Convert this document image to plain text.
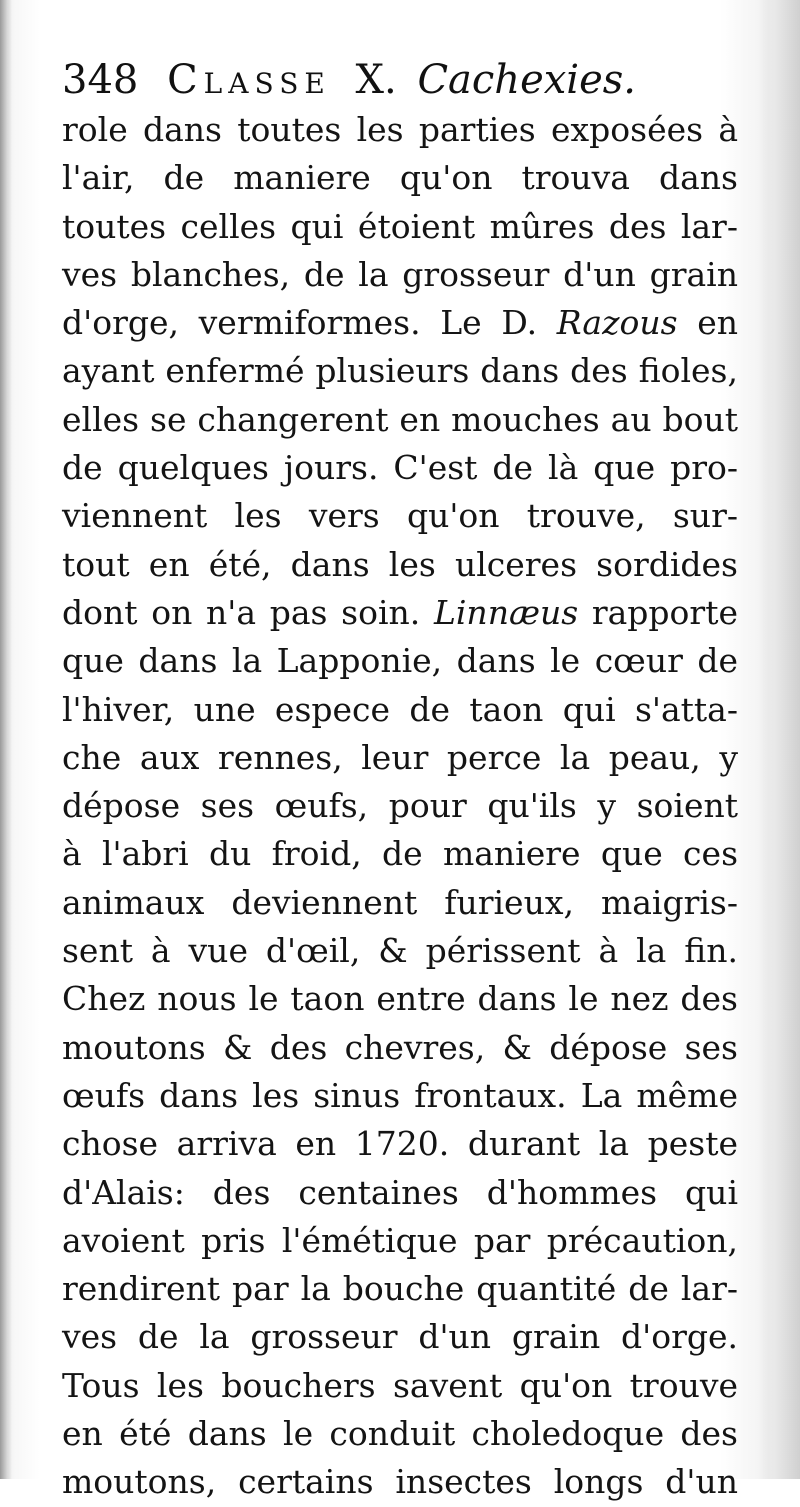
348 Classe X. Cachexies.
role dans toutes les parties exposées à
l'air, de maniere qu'on trouva dans
toutes celles qui étoient mûres des lar-
ves blanches, de la grosseur d'un grain
d'orge, vermiformes. Le D. Razous en
ayant enfermé plusieurs dans des fioles,
elles se changerent en mouches au bout
de quelques jours. C'est de là que pro-
viennent les vers qu'on trouve, sur-
tout en été, dans les ulceres sordides
dont on n'a pas soin. Linnæus rapporte
que dans la Lapponie, dans le cœur de
l'hiver, une espece de taon qui s'atta-
che aux rennes, leur perce la peau, y
dépose ses œufs, pour qu'ils y soient
à l'abri du froid, de maniere que ces
animaux deviennent furieux, maigris-
sent à vue d'œil, & périssent à la fin.
Chez nous le taon entre dans le nez des
moutons & des chevres, & dépose ses
œufs dans les sinus frontaux. La même
chose arriva en 1720. durant la peste
d'Alais: des centaines d'hommes qui
avoient pris l'émétique par précaution,
rendirent par la bouche quantité de lar-
ves de la grosseur d'un grain d'orge.
Tous les bouchers savent qu'on trouve
en été dans le conduit choledoque des
moutons, certains insectes longs d'un
